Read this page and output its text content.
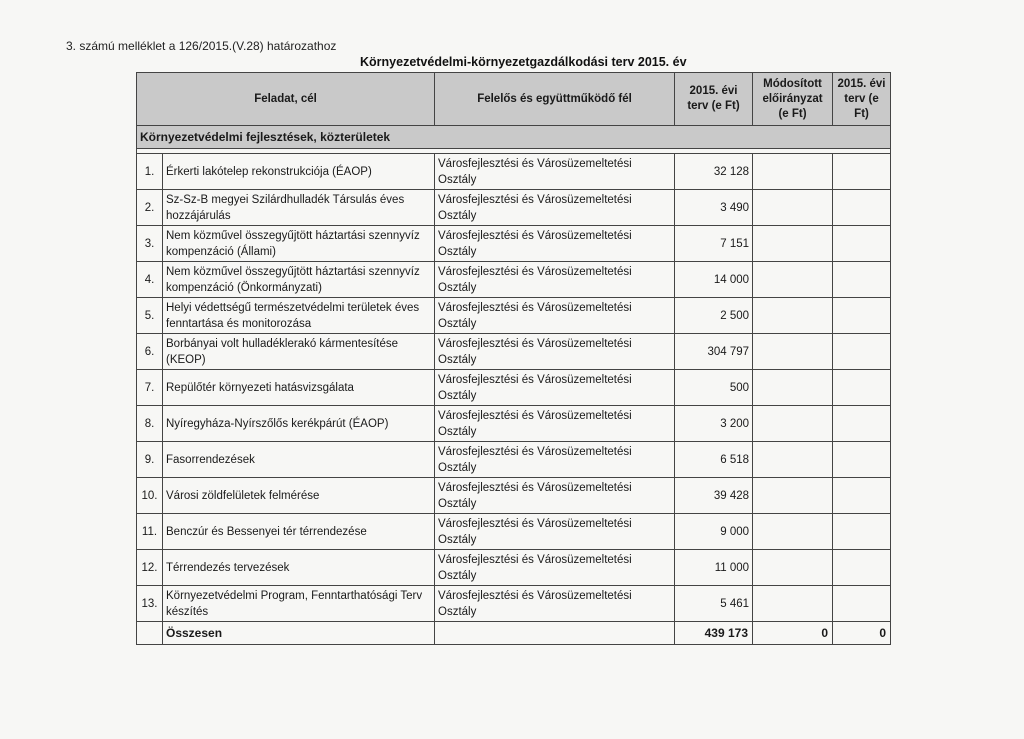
3. számú melléklet a 126/2015.(V.28) határozathoz
Környezetvédelmi-környezetgazdálkodási terv 2015. év
Feladat, cél		Felelős és együttműködő fél	2015. évi terv (e Ft)	Módosított előirányzat (e Ft)	2015. évi terv (e Ft)
Környezetvédelmi fejlesztések, közterületek					

1.	Érkerti lakótelep rekonstrukciója (ÉAOP)	Városfejlesztési és Városüzemeltetési Osztály	32 128		
2.	Sz-Sz-B megyei Szilárdhulladék Társulás éves hozzájárulás	Városfejlesztési és Városüzemeltetési Osztály	3 490		
3.	Nem közművel összegyűjtött háztartási szennyvíz kompenzáció (Állami)	Városfejlesztési és Városüzemeltetési Osztály	7 151		
4.	Nem közművel összegyűjtött háztartási szennyvíz kompenzáció (Önkormányzati)	Városfejlesztési és Városüzemeltetési Osztály	14 000		
5.	Helyi védettségű természetvédelmi területek éves fenntartása és monitorozása	Városfejlesztési és Városüzemeltetési Osztály	2 500		
6.	Borbányai volt hulladéklerakó kármentesítése (KEOP)	Városfejlesztési és Városüzemeltetési Osztály	304 797		
7.	Repülőtér környezeti hatásvizsgálata	Városfejlesztési és Városüzemeltetési Osztály	500		
8.	Nyíregyháza-Nyírszőlős kerékpárút (ÉAOP)	Városfejlesztési és Városüzemeltetési Osztály	3 200		
9.	Fasorrendezések	Városfejlesztési és Városüzemeltetési Osztály	6 518		
10.	Városi zöldfelületek felmérése	Városfejlesztési és Városüzemeltetési Osztály	39 428		
11.	Benczúr és Bessenyei tér térrendezése	Városfejlesztési és Városüzemeltetési Osztály	9 000		
12.	Térrendezés tervezések	Városfejlesztési és Városüzemeltetési Osztály	11 000		
13.	Környezetvédelmi Program, Fenntarthatósági Terv készítés	Városfejlesztési és Városüzemeltetési Osztály	5 461		
	Összesen		439 173	0	0
